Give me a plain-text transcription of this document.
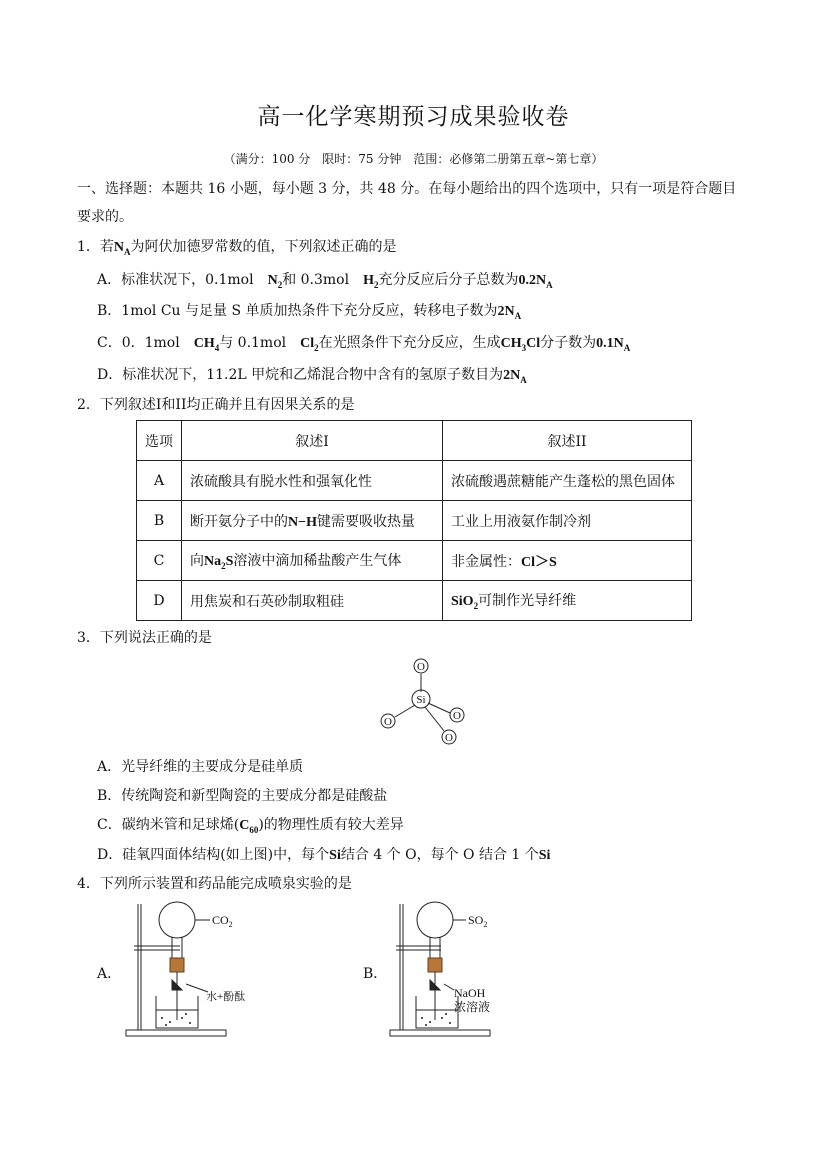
高一化学寒期预习成果验收卷
（满分：100 分　限时：75 分钟　范围：必修第二册第五章~第七章）
一、选择题：本题共 16 小题，每小题 3 分，共 48 分。在每小题给出的四个选项中，只有一项是符合题目
要求的。
1．若$N_A$为阿伏加德罗常数的值，下列叙述正确的是
A．标准状况下，0.1mol　 $N_2$和 0.3mol　 $H_2$充分反应后分子总数为$0.2N_A$
B．1mol Cu 与足量 S 单质加热条件下充分反应，转移电子数为$2N_A$
C．0．1mol　 $CH_4$与 0.1mol　 $Cl_2$在光照条件下充分反应，生成$CH_3Cl$分子数为$0.1N_A$
D．标准状况下，11.2L 甲烷和乙烯混合物中含有的氢原子数目为$2N_A$
2．下列叙述I和II均正确并且有因果关系的是
选项	叙述I	叙述II
A	浓硫酸具有脱水性和强氧化性	浓硫酸遇蔗糖能产生蓬松的黑色固体
B	断开氨分子中的N−H键需要吸收热量	工业上用液氨作制冷剂
C	向$Na_2S$溶液中滴加稀盐酸产生气体	非金属性：Cl＞S
D	用焦炭和石英砂制取粗硅	SiO$_2$可制作光导纤维
3．下列说法正确的是
Si
O
O	O
O
A．光导纤维的主要成分是硅单质
B．传统陶瓷和新型陶瓷的主要成分都是硅酸盐
C．碳纳米管和足球烯$(C_{60})$的物理性质有较大差异
D．硅氧四面体结构(如上图)中，每个Si结合 4 个 O，每个 O 结合 1 个Si
4．下列所示装置和药品能完成喷泉实验的是
A．
$CO_2$
水+酚酞
B．
$SO_2$
NaOH
浓溶液
